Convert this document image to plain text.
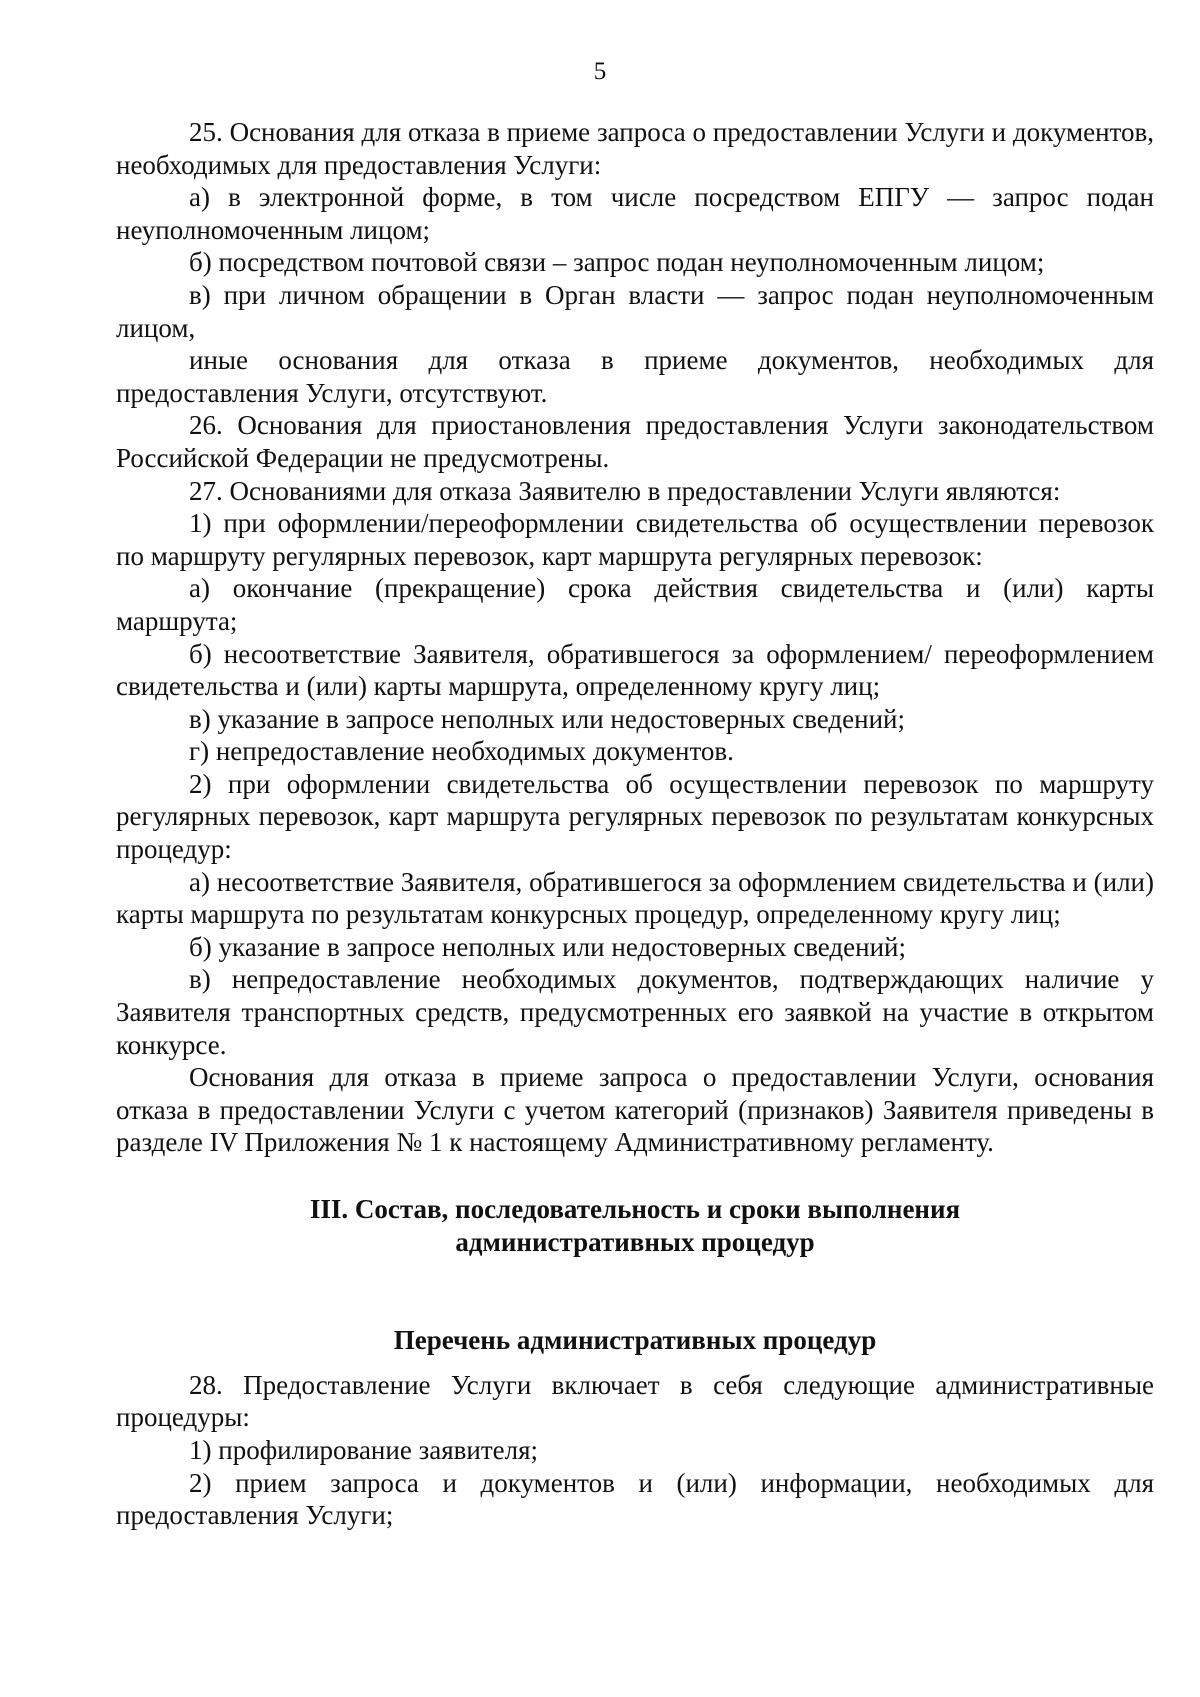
5

25. Основания для отказа в приеме запроса о предоставлении Услуги и документов, необходимых для предоставления Услуги:

а) в электронной форме, в том числе посредством ЕПГУ — запрос подан неуполномоченным лицом;

б) посредством почтовой связи – запрос подан неуполномоченным лицом;

в) при личном обращении в Орган власти — запрос подан неуполномоченным лицом,

иные основания для отказа в приеме документов, необходимых для предоставления Услуги, отсутствуют.

26. Основания для приостановления предоставления Услуги законодательством Российской Федерации не предусмотрены.

27. Основаниями для отказа Заявителю в предоставлении Услуги являются:

1) при оформлении/переоформлении свидетельства об осуществлении перевозок по маршруту регулярных перевозок, карт маршрута регулярных перевозок:

а) окончание (прекращение) срока действия свидетельства и (или) карты маршрута;

б) несоответствие Заявителя, обратившегося за оформлением/ переоформлением свидетельства и (или) карты маршрута, определенному кругу лиц;

в) указание в запросе неполных или недостоверных сведений;

г) непредоставление необходимых документов.

2) при оформлении свидетельства об осуществлении перевозок по маршруту регулярных перевозок, карт маршрута регулярных перевозок по результатам конкурсных процедур:

а) несоответствие Заявителя, обратившегося за оформлением свидетельства и (или) карты маршрута по результатам конкурсных процедур, определенному кругу лиц;

б) указание в запросе неполных или недостоверных сведений;

в) непредоставление необходимых документов, подтверждающих наличие у Заявителя транспортных средств, предусмотренных его заявкой на участие в открытом конкурсе.

Основания для отказа в приеме запроса о предоставлении Услуги, основания отказа в предоставлении Услуги с учетом категорий (признаков) Заявителя приведены в разделе IV Приложения № 1 к настоящему Административному регламенту.

III. Состав, последовательность и сроки выполнения
административных процедур
Перечень административных процедур

28. Предоставление Услуги включает в себя следующие административные процедуры:

1) профилирование заявителя;

2) прием запроса и документов и (или) информации, необходимых для предоставления Услуги;
